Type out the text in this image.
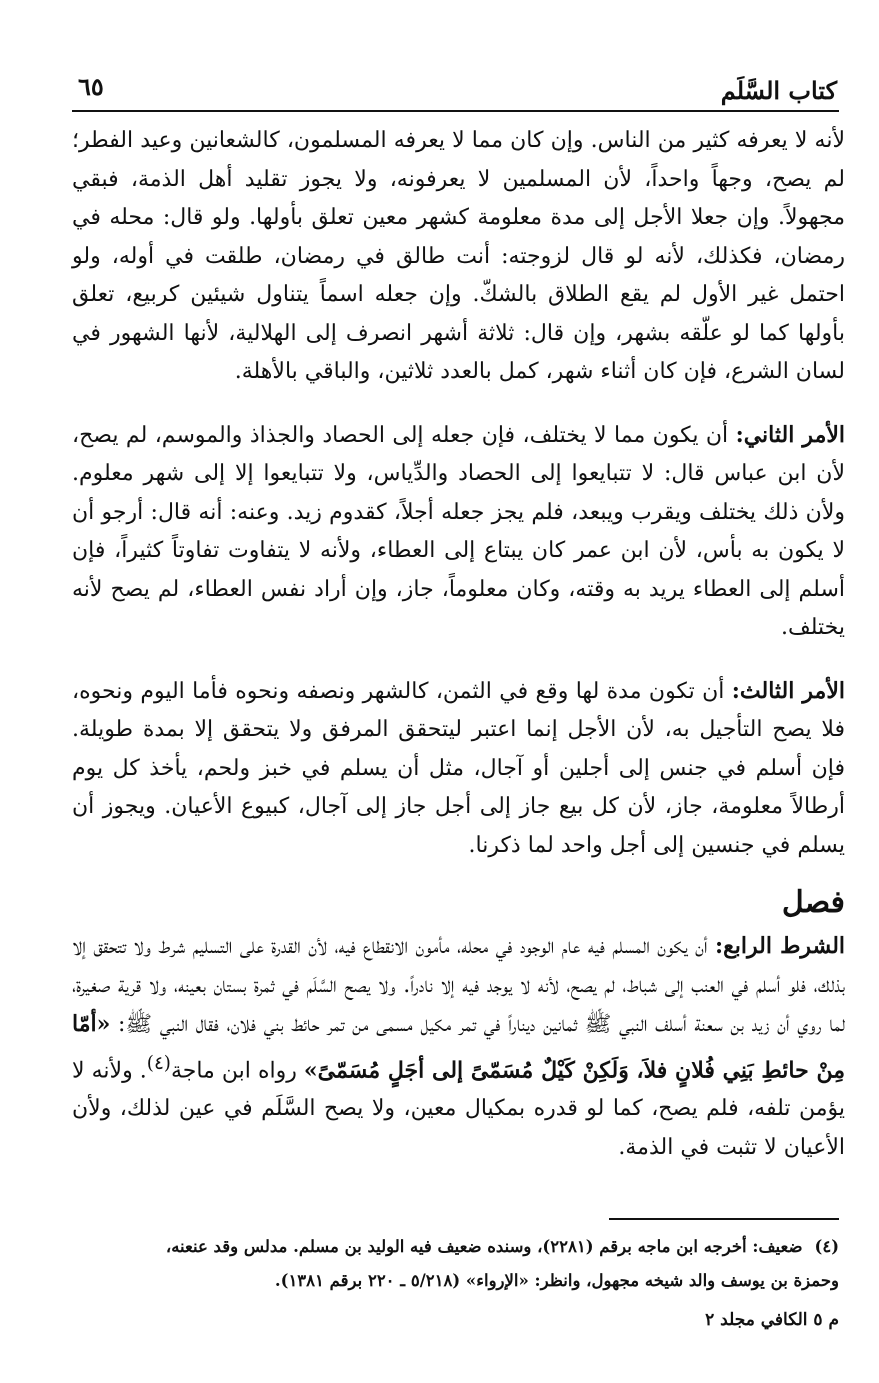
كتاب السَّلَم
٦٥

لأنه لا يعرفه كثير من الناس. وإن كان مما لا يعرفه المسلمون، كالشعانين وعيد الفطر؛ لم يصح، وجهاً واحداً، لأن المسلمين لا يعرفونه، ولا يجوز تقليد أهل الذمة، فبقي مجهولاً. وإن جعلا الأجل إلى مدة معلومة كشهر معين تعلق بأولها. ولو قال: محله في رمضان، فكذلك، لأنه لو قال لزوجته: أنت طالق في رمضان، طلقت في أوله، ولو احتمل غير الأول لم يقع الطلاق بالشكّ. وإن جعله اسماً يتناول شيئين كربيع، تعلق بأولها كما لو علّقه بشهر، وإن قال: ثلاثة أشهر انصرف إلى الهلالية، لأنها الشهور في لسان الشرع، فإن كان أثناء شهر، كمل بالعدد ثلاثين، والباقي بالأهلة.

الأمر الثاني: أن يكون مما لا يختلف، فإن جعله إلى الحصاد والجذاذ والموسم، لم يصح، لأن ابن عباس قال: لا تتبايعوا إلى الحصاد والدِّياس، ولا تتبايعوا إلا إلى شهر معلوم. ولأن ذلك يختلف ويقرب ويبعد، فلم يجز جعله أجلاً، كقدوم زيد. وعنه: أنه قال: أرجو أن لا يكون به بأس، لأن ابن عمر كان يبتاع إلى العطاء، ولأنه لا يتفاوت تفاوتاً كثيراً، فإن أسلم إلى العطاء يريد به وقته، وكان معلوماً، جاز، وإن أراد نفس العطاء، لم يصح لأنه يختلف.

الأمر الثالث: أن تكون مدة لها وقع في الثمن، كالشهر ونصفه ونحوه فأما اليوم ونحوه، فلا يصح التأجيل به، لأن الأجل إنما اعتبر ليتحقق المرفق ولا يتحقق إلا بمدة طويلة. فإن أسلم في جنس إلى أجلين أو آجال، مثل أن يسلم في خبز ولحم، يأخذ كل يوم أرطالاً معلومة، جاز، لأن كل بيع جاز إلى أجل جاز إلى آجال، كبيوع الأعيان. ويجوز أن يسلم في جنسين إلى أجل واحد لما ذكرنا.

فصل

الشرط الرابع: أن يكون المسلم فيه عام الوجود في محله، مأمون الانقطاع فيه، لأن القدرة على التسليم شرط ولا تتحقق إلا بذلك، فلو أسلم في العنب إلى شباط، لم يصح، لأنه لا يوجد فيه إلا نادراً. ولا يصح السَّلَم في ثمرة بستان بعينه، ولا قرية صغيرة، لما روي أن زيد بن سعنة أسلف النبي ﷺ ثمانين ديناراً في تمر مكيل مسمى من تمر حائط بني فلان، فقال النبي ﷺ: «أمّا مِنْ حائطِ بَنِي فُلانٍ فلاَ، وَلَكِنْ كَيْلٌ مُسَمّىً إلى أجَلٍ مُسَمّىً» رواه ابن ماجة$^{(٤)}$. ولأنه لا يؤمن تلفه، فلم يصح، كما لو قدره بمكيال معين، ولا يصح السَّلَم في عين لذلك، ولأن الأعيان لا تثبت في الذمة.

(٤)ضعيف: أخرجه ابن ماجه برقم (٢٢٨١)، وسنده ضعيف فيه الوليد بن مسلم. مدلس وقد عنعنه،

وحمزة بن يوسف والد شيخه مجهول، وانظر: «الإرواء» (٥/٢١٨ ـ ٢٢٠ برقم ١٣٨١).

م ٥ الكافي مجلد ٢
